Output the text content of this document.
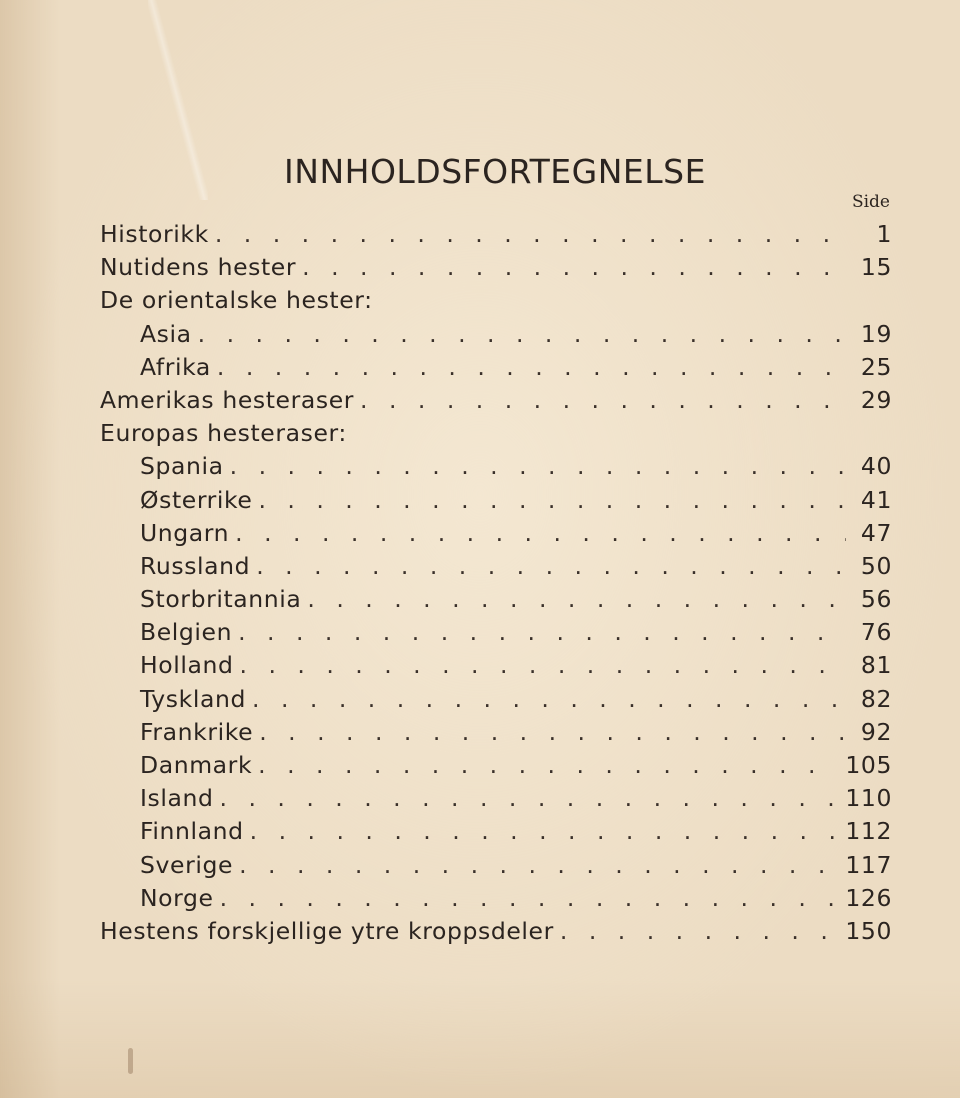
INNHOLDSFORTEGNELSE
Side
Historikk . . .	1
Nutidens hester . . .	15
De orientalske hester:
Asia . . .	19
Afrika . . .	25
Amerikas hesteraser . . .	29
Europas hesteraser:
Spania . . .	40
Østerrike . . .	41
Ungarn . . .	47
Russland . . .	50
Storbritannia . . .	56
Belgien . . .	76
Holland . . .	81
Tyskland . . .	82
Frankrike . . .	92
Danmark . . .	105
Island . . .	110
Finnland . . .	112
Sverige . . .	117
Norge . . .	126
Hestens forskjellige ytre kroppsdeler . . .	150
